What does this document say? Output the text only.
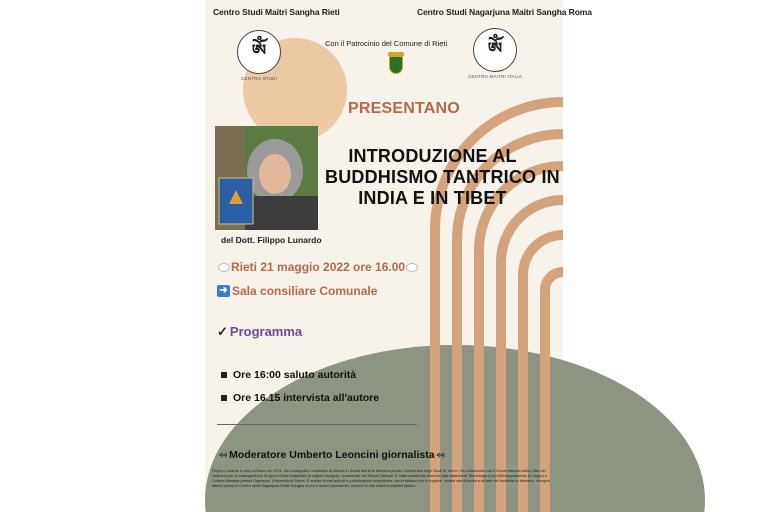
Centro Studi Maitri Sangha Rieti	Centro Studi Nagarjuna Maitri Sangha Roma
ཨོཾ
CENTRO STUDI
ཨོཾ
CENTRO MAITRI ITALIA
Con il Patrocinio del Comune di Rieti
PRESENTANO
INTRODUZIONE AL
BUDDHISMO TANTRICO IN
INDIA E IN TIBET
del Dott. Filippo Lunardo
Rieti 21 maggio 2022 ore 16.00
➜ Sala consiliare Comunale
✓ Programma
Ore 16:00 saluto autorità
Ore 16.15 intervista all'autore
ᢀᢀ Moderatore Umberto Leoncini giornalista ᢀᢀ
Filippo Lunardo è nato a Roma nel 1974. Ha conseguito il dottorato di ricerca in Storia dell'Arte tibetana presso l'Università degli Studi di Torino. Ha collaborato con il Governatorato della Città del Vaticano per la catalogazione di opere d'arte buddhista di origine mongola, conservate nei Musei Vaticani. È stato assistente docente alla cattedra di Tibetologia e poi all'insegnamento di Lingua e Cultura tibetana presso Sapienza, Università di Roma. È autore di vari articoli e pubblicazioni scientifiche, sia in italiano che in inglese, relativi alla filosofia e all'arte del buddhismo tibetano. Insegna altresì presso il Centro studi Nagarjuna Maitri Sangha di cui è anche presidente, nonché in altri istituti buddhisti italiani.
